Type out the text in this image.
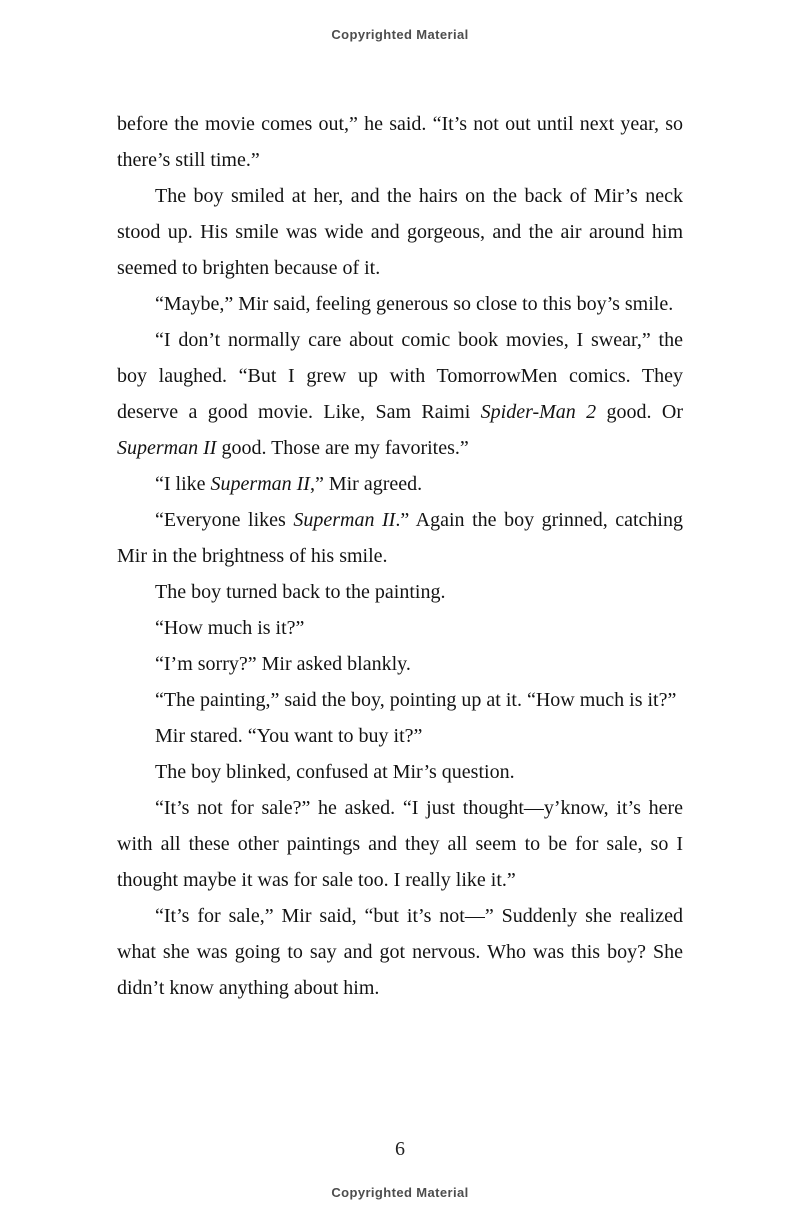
Copyrighted Material

before the movie comes out,” he said. “It’s not out until next year, so there’s still time.”

The boy smiled at her, and the hairs on the back of Mir’s neck stood up. His smile was wide and gorgeous, and the air around him seemed to brighten because of it.

“Maybe,” Mir said, feeling generous so close to this boy’s smile.

“I don’t normally care about comic book movies, I swear,” the boy laughed. “But I grew up with TomorrowMen comics. They deserve a good movie. Like, Sam Raimi Spider-Man 2 good. Or Superman II good. Those are my favorites.”

“I like Superman II,” Mir agreed.

“Everyone likes Superman II.” Again the boy grinned, catching Mir in the brightness of his smile.

The boy turned back to the painting.

“How much is it?”

“I’m sorry?” Mir asked blankly.

“The painting,” said the boy, pointing up at it. “How much is it?”

Mir stared. “You want to buy it?”

The boy blinked, confused at Mir’s question.

“It’s not for sale?” he asked. “I just thought—y’know, it’s here with all these other paintings and they all seem to be for sale, so I thought maybe it was for sale too. I really like it.”

“It’s for sale,” Mir said, “but it’s not—” Suddenly she realized what she was going to say and got nervous. Who was this boy? She didn’t know anything about him.

6
Copyrighted Material
